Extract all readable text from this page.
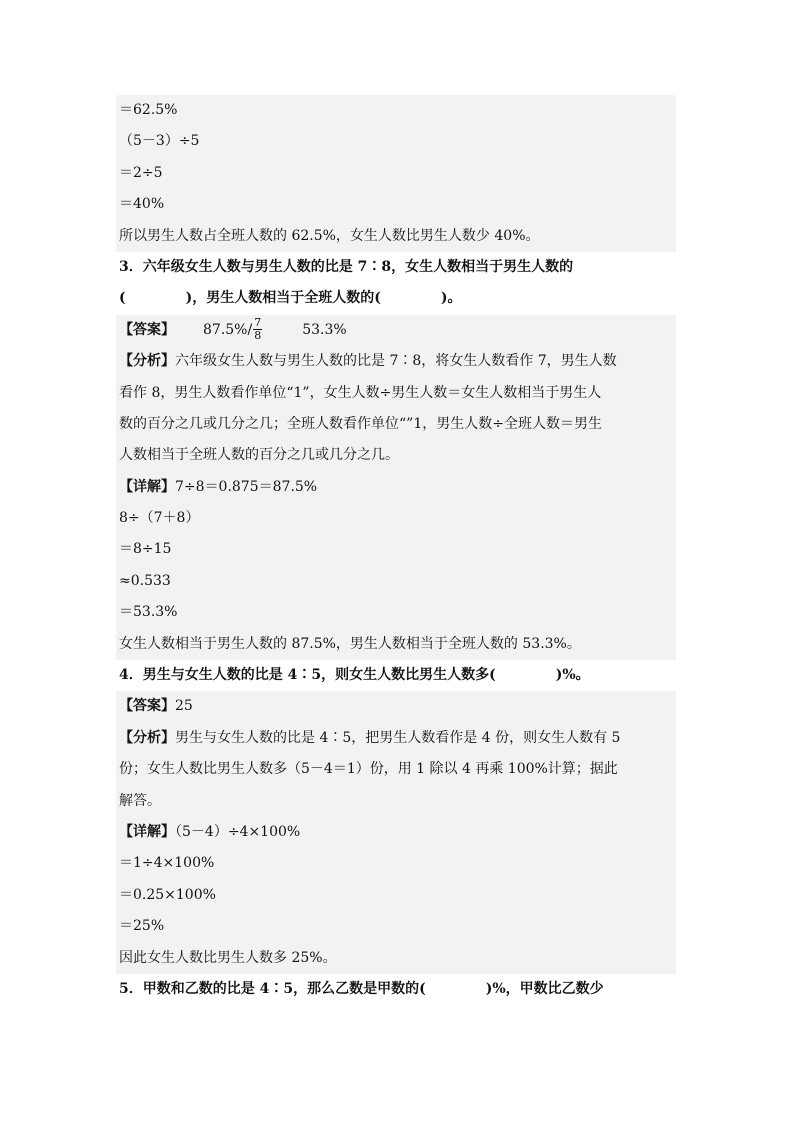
＝62.5%
（5－3）÷5
＝2÷5
＝40%
所以男生人数占全班人数的 62.5%，女生人数比男生人数少 40%。
3．六年级女生人数与男生人数的比是 7∶8，女生人数相当于男生人数的
(	)，男生人数相当于全班人数的(	)。
【答案】 $87.5\%/ \frac{7}{8}$	53.3%
【分析】六年级女生人数与男生人数的比是 7∶8，将女生人数看作 7，男生人数
看作 8，男生人数看作单位“1”，女生人数÷男生人数＝女生人数相当于男生人
数的百分之几或几分之几；全班人数看作单位“”1，男生人数÷全班人数＝男生
人数相当于全班人数的百分之几或几分之几。
【详解】7÷8＝0.875＝87.5%
8÷（7＋8）
＝8÷15
≈0.533
＝53.3%
女生人数相当于男生人数的 87.5%，男生人数相当于全班人数的 53.3%。
4．男生与女生人数的比是 4∶5，则女生人数比男生人数多(	)%。
【答案】25
【分析】男生与女生人数的比是 4∶5，把男生人数看作是 4 份，则女生人数有 5
份；女生人数比男生人数多（5－4＝1）份，用 1 除以 4 再乘 100%计算；据此
解答。
【详解】（5－4）÷4×100%
＝1÷4×100%
＝0.25×100%
＝25%
因此女生人数比男生人数多 25%。
5．甲数和乙数的比是 4∶5，那么乙数是甲数的(	)%，甲数比乙数少
